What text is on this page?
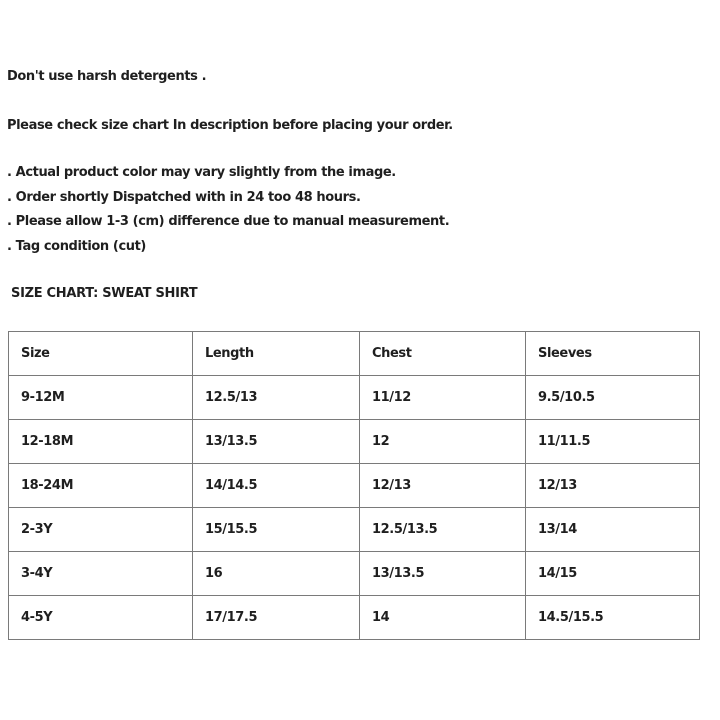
Don't use harsh detergents .
Please check size chart In description before placing your order.
. Actual product color may vary slightly from the image.
. Order shortly Dispatched with in 24 too 48 hours.
. Please allow 1-3 (cm) difference due to manual measurement.
. Tag condition (cut)
SIZE CHART: SWEAT SHIRT
Size	Length	Chest	Sleeves
9-12M	12.5/13	11/12	9.5/10.5
12-18M	13/13.5	12	11/11.5
18-24M	14/14.5	12/13	12/13
2-3Y	15/15.5	12.5/13.5	13/14
3-4Y	16	13/13.5	14/15
4-5Y	17/17.5	14	14.5/15.5
